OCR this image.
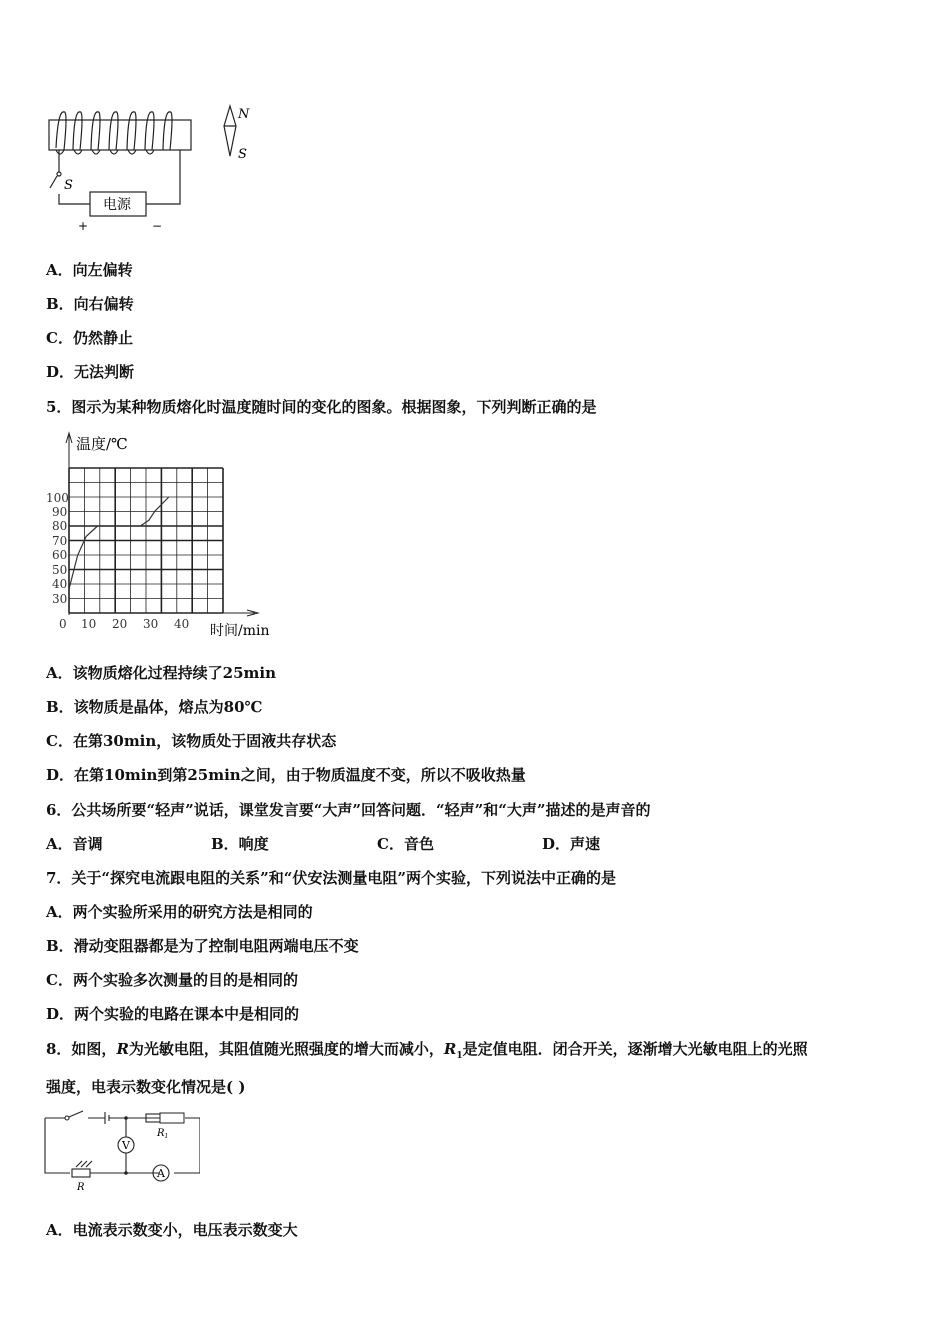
S
电源
+	−
N
S
A．向左偏转
B．向右偏转
C．仍然静止
D．无法判断
5．图示为某种物质熔化时温度随时间的变化的图象。根据图象，下列判断正确的是
0 10 20 30 40
30
40
50
60
70
80
90
100
温度/℃
时间/min
A．该物质熔化过程持续了25min
B．该物质是晶体，熔点为80℃
C．在第30min，该物质处于固液共存状态
D．在第10min到第25min之间，由于物质温度不变，所以不吸收热量
6．公共场所要“轻声”说话，课堂发言要“大声”回答问题．“轻声”和“大声”描述的是声音的
A．音调	B．响度	C．音色	D．声速
7．关于“探究电流跟电阻的关系”和“伏安法测量电阻”两个实验，下列说法中正确的是
A．两个实验所采用的研究方法是相同的
B．滑动变阻器都是为了控制电阻两端电压不变
C．两个实验多次测量的目的是相同的
D．两个实验的电路在课本中是相同的
8．如图，R为光敏电阻，其阻值随光照强度的增大而减小，$R_1$是定值电阻．闭合开关，逐渐增大光敏电阻上的光照
强度，电表示数变化情况是( )
V
A
$R_1$
R
A．电流表示数变小，电压表示数变大
